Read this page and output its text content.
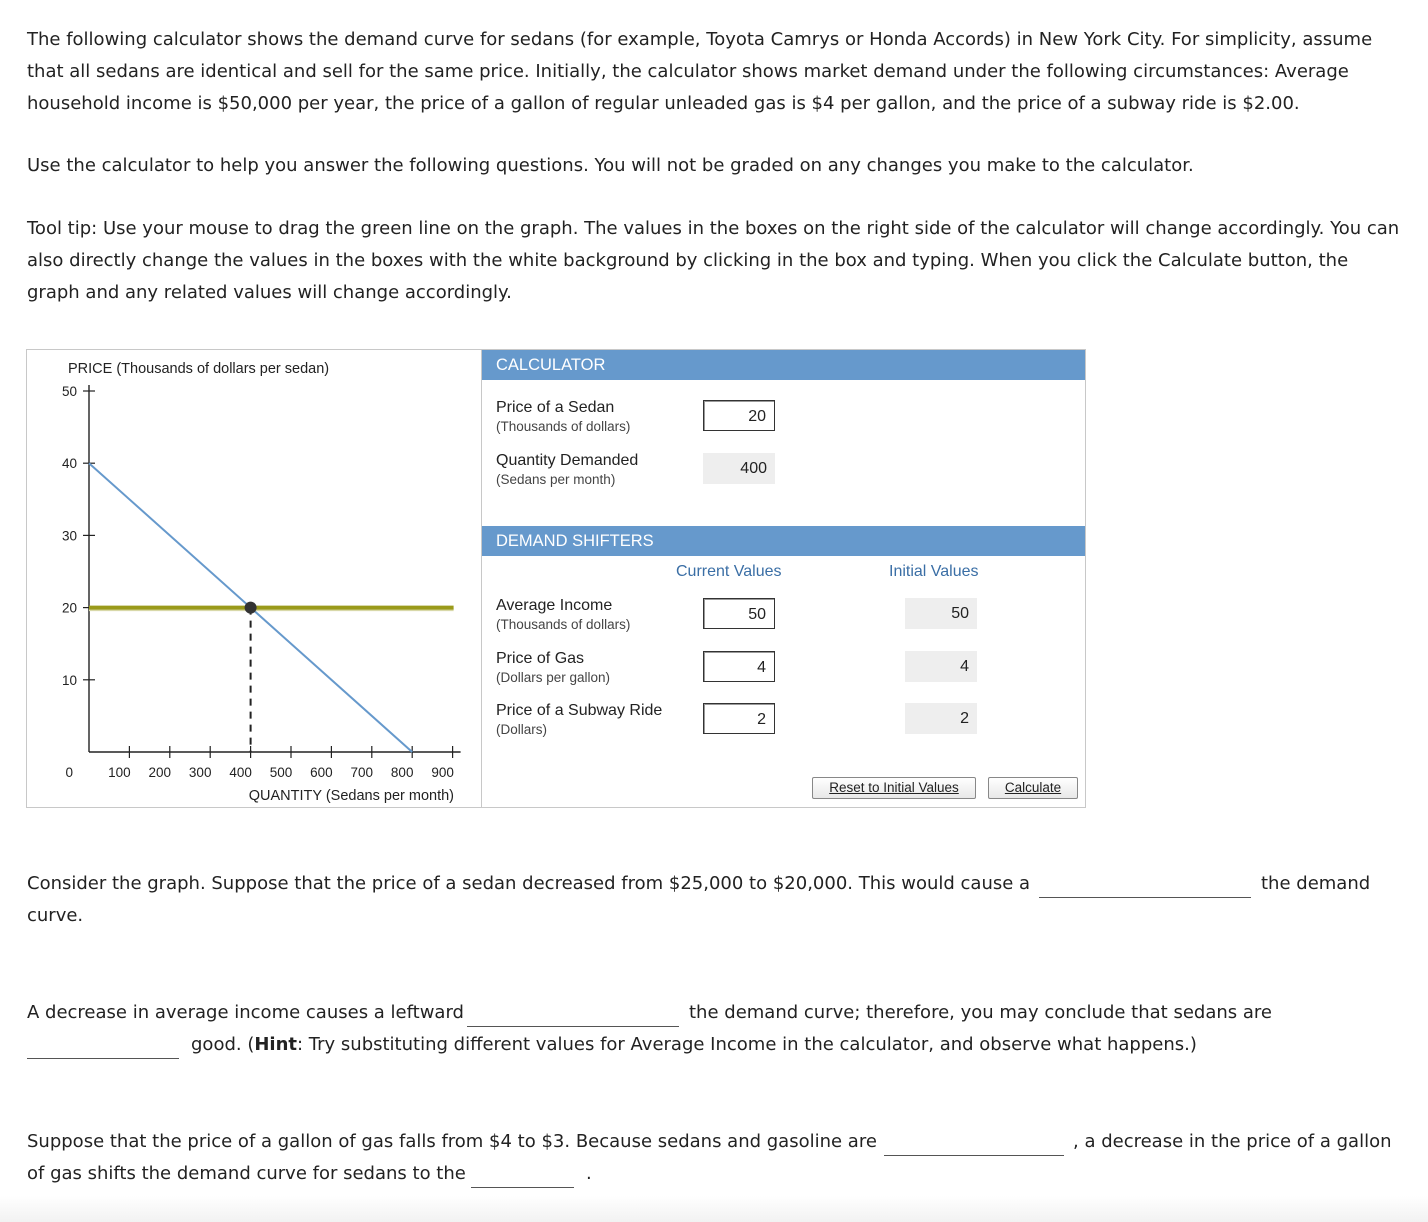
The following calculator shows the demand curve for sedans (for example, Toyota Camrys or Honda Accords) in New York City. For simplicity, assume that all sedans are identical and sell for the same price. Initially, the calculator shows market demand under the following circumstances: Average household income is $50,000 per year, the price of a gallon of regular unleaded gas is $4 per gallon, and the price of a subway ride is $2.00.

Use the calculator to help you answer the following questions. You will not be graded on any changes you make to the calculator.

Tool tip: Use your mouse to drag the green line on the graph. The values in the boxes on the right side of the calculator will change accordingly. You can also directly change the values in the boxes with the white background by clicking in the box and typing. When you click the Calculate button, the graph and any related values will change accordingly.

PRICE (Thousands of dollars per sedan)
QUANTITY (Sedans per month)
50
40
30
20
10
0	100 200 300 400 500 600 700 800 900
CALCULATOR
Price of a Sedan
(Thousands of dollars)
20
Quantity Demanded
(Sedans per month)
400
DEMAND SHIFTERS
Current Values	Initial Values
Average Income
(Thousands of dollars)
50	50
Price of Gas
(Dollars per gallon)
4	4
Price of a Subway Ride
(Dollars)
2	2
Reset to Initial Values	Calculate
Consider the graph. Suppose that the price of a sedan decreased from $25,000 to $20,000. This would cause a	the demand
curve.
A decrease in average income causes a leftward	the demand curve; therefore, you may conclude that sedans are
good. (Hint: Try substituting different values for Average Income in the calculator, and observe what happens.)
Suppose that the price of a gallon of gas falls from $4 to $3. Because sedans and gasoline are	, a decrease in the price of a gallon
of gas shifts the demand curve for sedans to the	.
